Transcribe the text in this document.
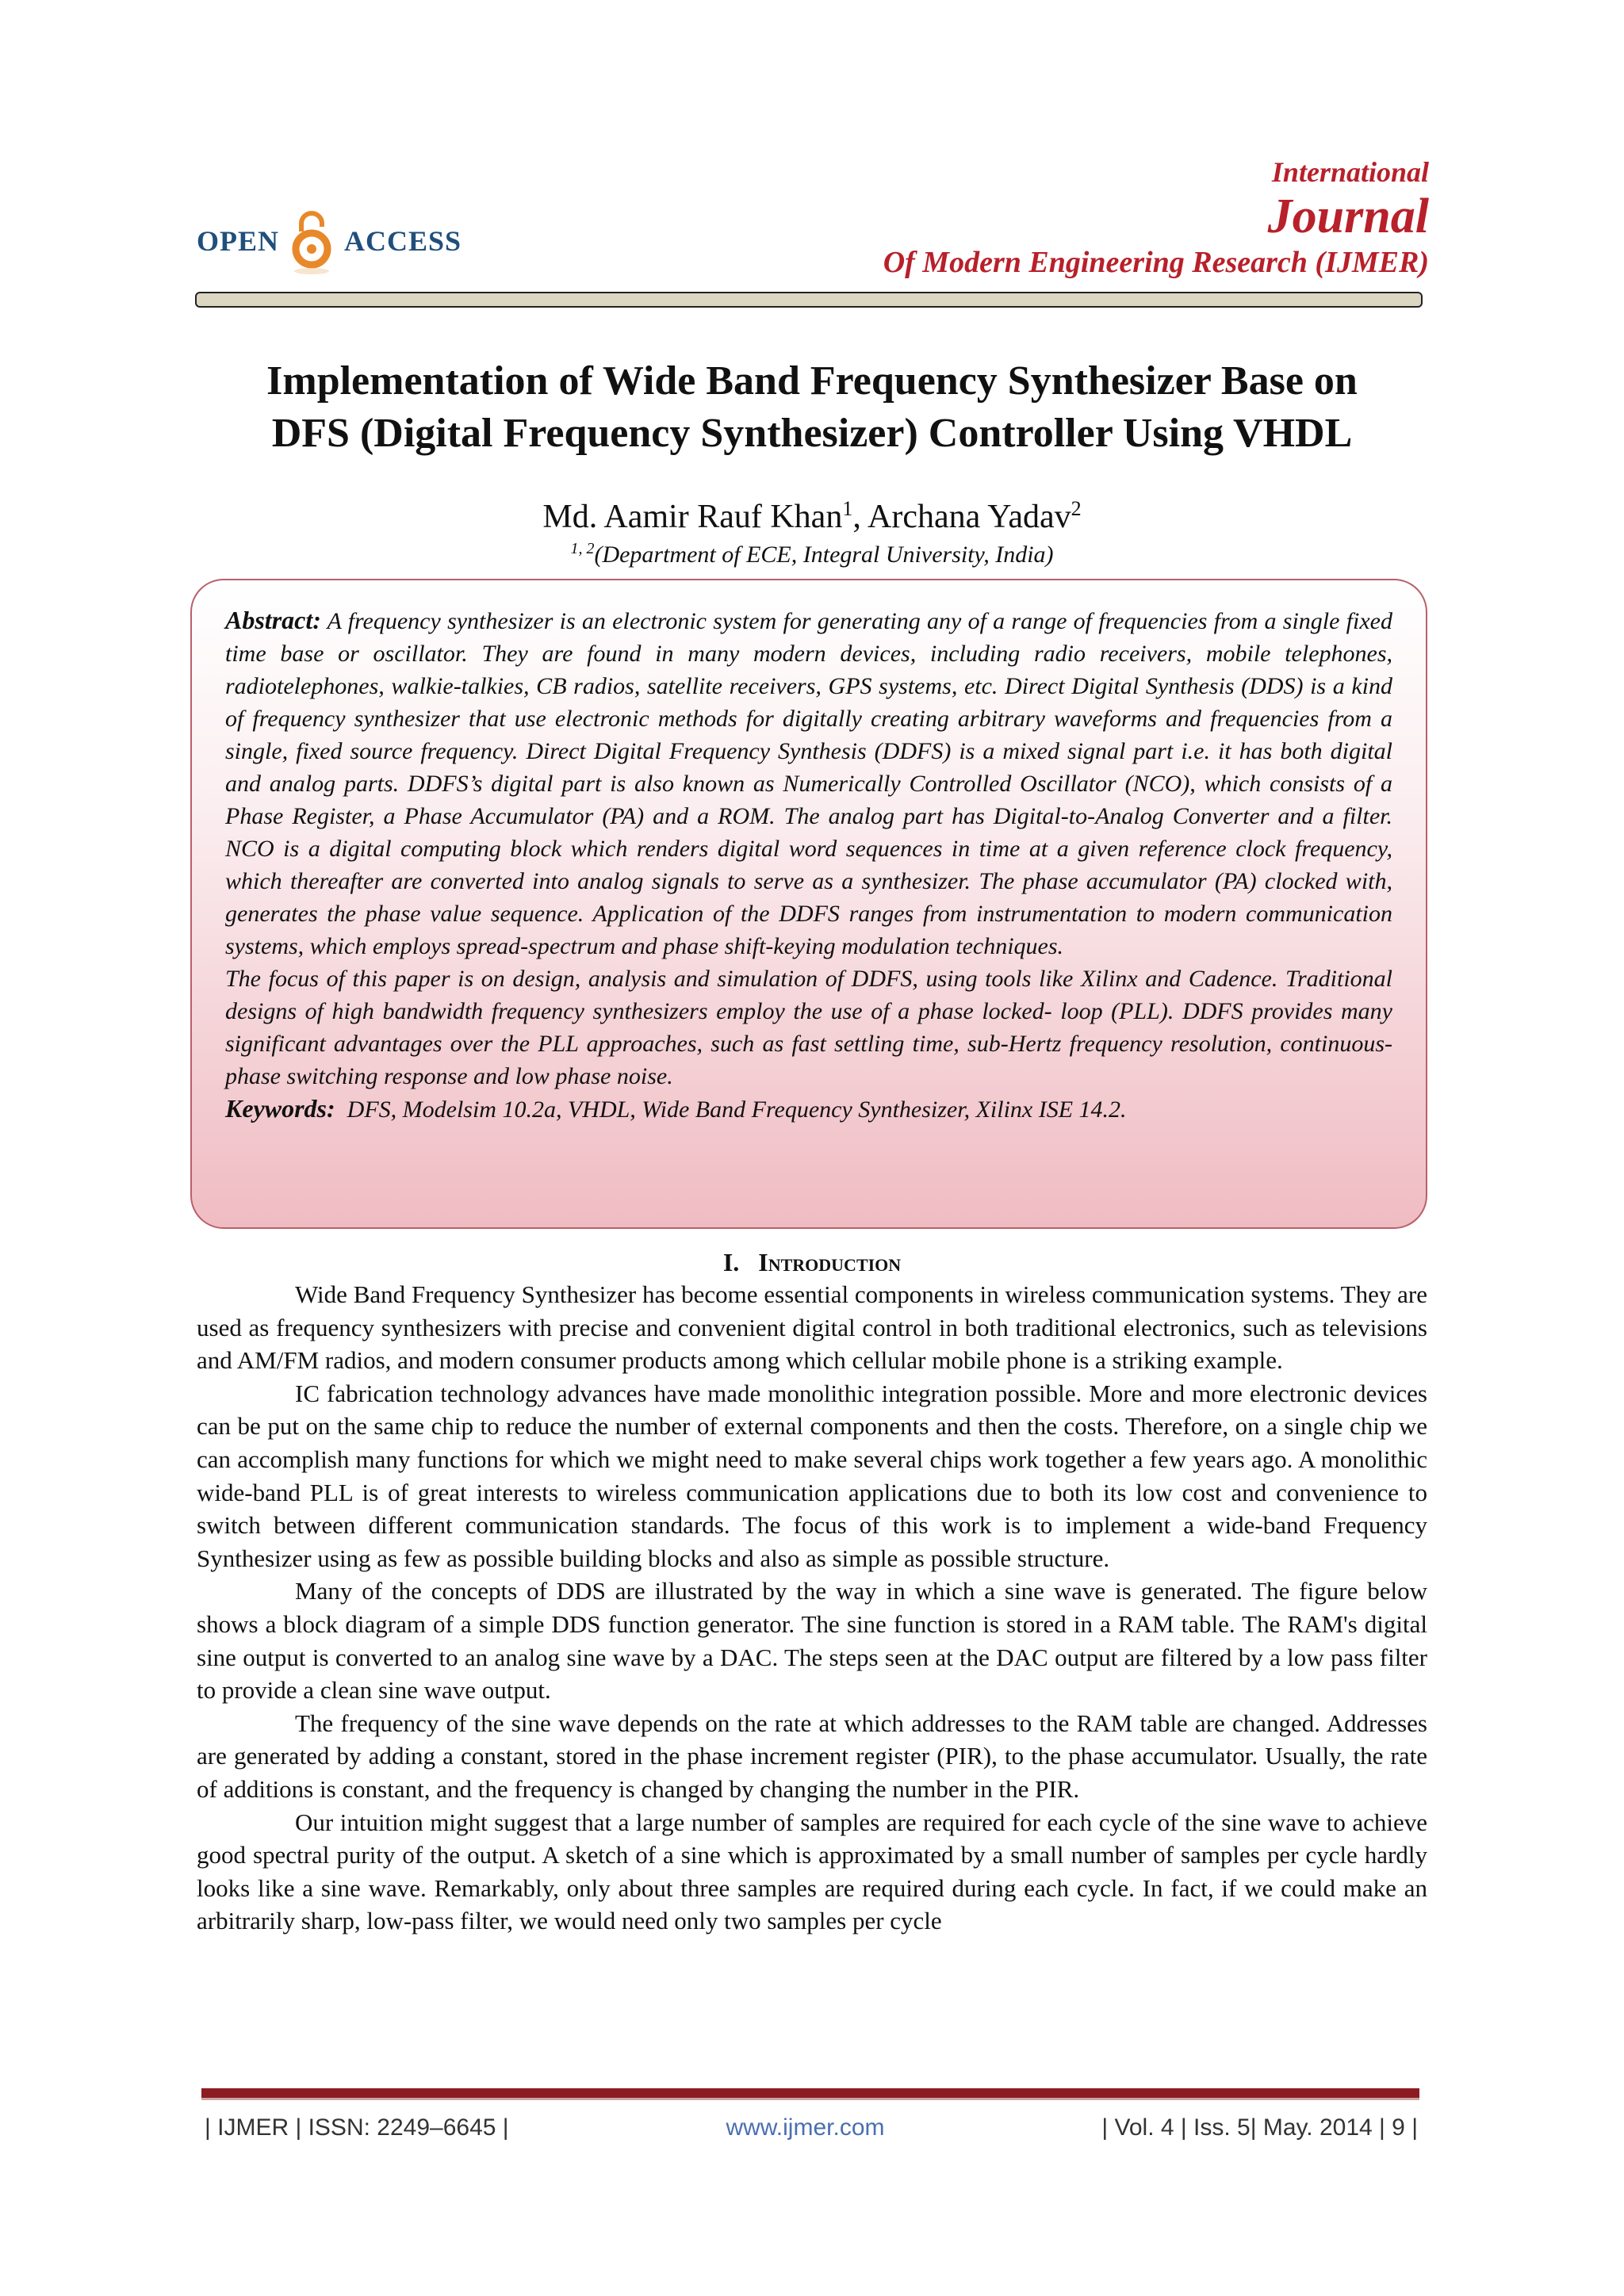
OPEN ACCESS
International
Journal
Of Modern Engineering Research (IJMER)
Implementation of Wide Band Frequency Synthesizer Base on
DFS (Digital Frequency Synthesizer) Controller Using VHDL
Md. Aamir Rauf Khan$^1$, Archana Yadav$^2$
$^{1, 2}$(Department of ECE, Integral University, India)

Abstract: A frequency synthesizer is an electronic system for generating any of a range of frequencies from a single fixed time base or oscillator. They are found in many modern devices, including radio receivers, mobile telephones, radiotelephones, walkie-talkies, CB radios, satellite receivers, GPS systems, etc. Direct Digital Synthesis (DDS) is a kind of frequency synthesizer that use electronic methods for digitally creating arbitrary waveforms and frequencies from a single, fixed source frequency. Direct Digital Frequency Synthesis (DDFS) is a mixed signal part i.e. it has both digital and analog parts. DDFS’s digital part is also known as Numerically Controlled Oscillator (NCO), which consists of a Phase Register, a Phase Accumulator (PA) and a ROM. The analog part has Digital-to-Analog Converter and a filter. NCO is a digital computing block which renders digital word sequences in time at a given reference clock frequency, which thereafter are converted into analog signals to serve as a synthesizer. The phase accumulator (PA) clocked with, generates the phase value sequence. Application of the DDFS ranges from instrumentation to modern communication systems, which employs spread-spectrum and phase shift-keying modulation techniques.

The focus of this paper is on design, analysis and simulation of DDFS, using tools like Xilinx and Cadence. Traditional designs of high bandwidth frequency synthesizers employ the use of a phase locked- loop (PLL). DDFS provides many significant advantages over the PLL approaches, such as fast settling time, sub-Hertz frequency resolution, continuous-phase switching response and low phase noise.

Keywords: DFS, Modelsim 10.2a, VHDL, Wide Band Frequency Synthesizer, Xilinx ISE 14.2.

I. Introduction

Wide Band Frequency Synthesizer has become essential components in wireless communication systems. They are used as frequency synthesizers with precise and convenient digital control in both traditional electronics, such as televisions and AM/FM radios, and modern consumer products among which cellular mobile phone is a striking example.

IC fabrication technology advances have made monolithic integration possible. More and more electronic devices can be put on the same chip to reduce the number of external components and then the costs. Therefore, on a single chip we can accomplish many functions for which we might need to make several chips work together a few years ago. A monolithic wide-band PLL is of great interests to wireless communication applications due to both its low cost and convenience to switch between different communication standards. The focus of this work is to implement a wide-band Frequency Synthesizer using as few as possible building blocks and also as simple as possible structure.

Many of the concepts of DDS are illustrated by the way in which a sine wave is generated. The figure below shows a block diagram of a simple DDS function generator. The sine function is stored in a RAM table. The RAM's digital sine output is converted to an analog sine wave by a DAC. The steps seen at the DAC output are filtered by a low pass filter to provide a clean sine wave output.

The frequency of the sine wave depends on the rate at which addresses to the RAM table are changed. Addresses are generated by adding a constant, stored in the phase increment register (PIR), to the phase accumulator. Usually, the rate of additions is constant, and the frequency is changed by changing the number in the PIR.

Our intuition might suggest that a large number of samples are required for each cycle of the sine wave to achieve good spectral purity of the output. A sketch of a sine which is approximated by a small number of samples per cycle hardly looks like a sine wave. Remarkably, only about three samples are required during each cycle. In fact, if we could make an arbitrarily sharp, low-pass filter, we would need only two samples per cycle

| IJMER | ISSN: 2249–6645 |	www.ijmer.com	| Vol. 4 | Iss. 5| May. 2014 | 9 |
